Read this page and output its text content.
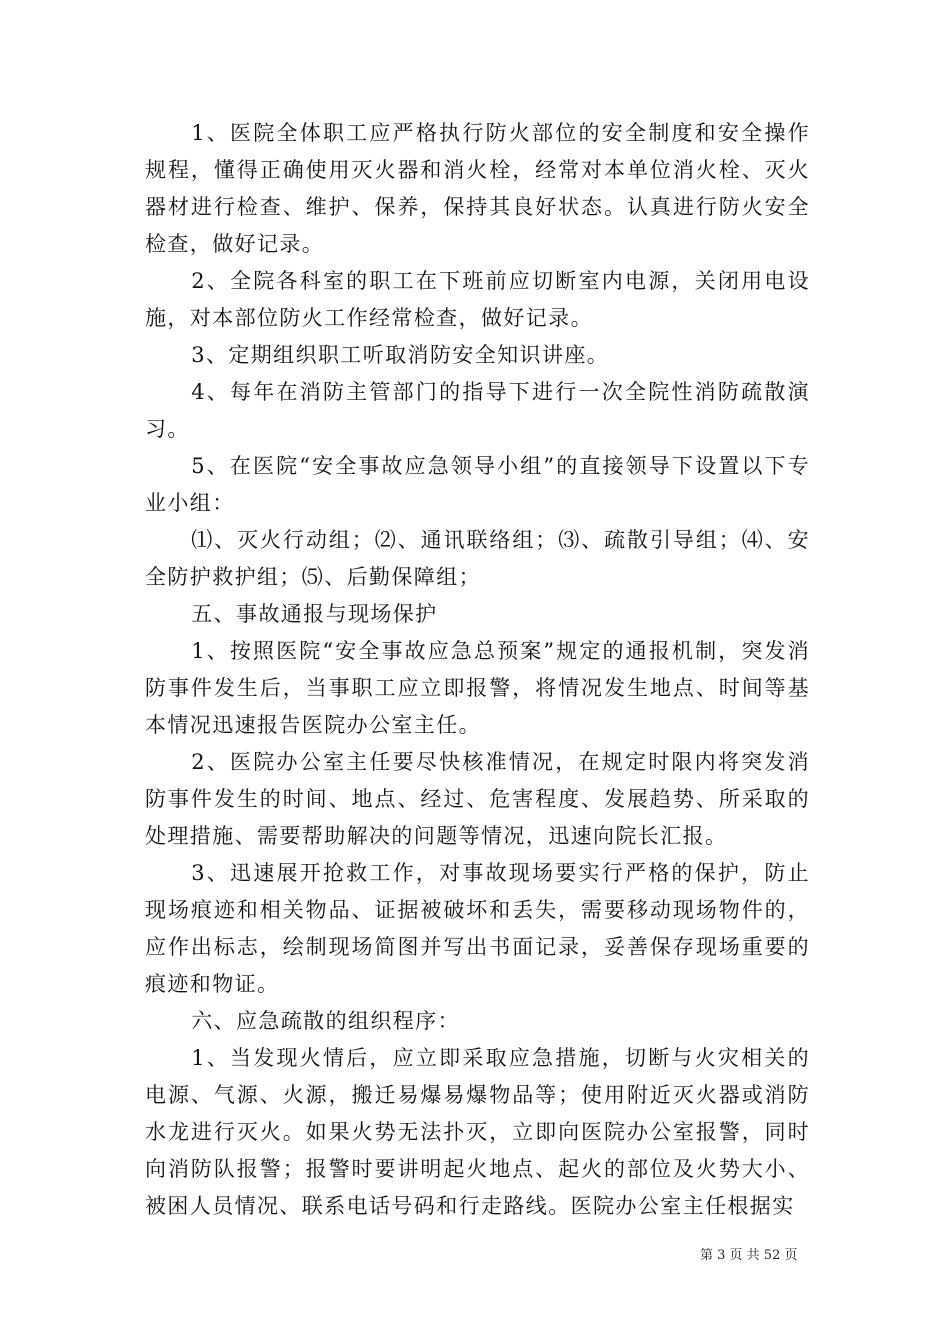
1、医院全体职工应严格执行防火部位的安全制度和安全操作规程，懂得正确使用灭火器和消火栓，经常对本单位消火栓、灭火器材进行检查、维护、保养，保持其良好状态。认真进行防火安全检查，做好记录。

2、全院各科室的职工在下班前应切断室内电源，关闭用电设施，对本部位防火工作经常检查，做好记录。

3、定期组织职工听取消防安全知识讲座。

4、每年在消防主管部门的指导下进行一次全院性消防疏散演习。

5、在医院“安全事故应急领导小组”的直接领导下设置以下专业小组：

⑴、灭火行动组；⑵、通讯联络组；⑶、疏散引导组；⑷、安全防护救护组；⑸、后勤保障组；

五、事故通报与现场保护

1、按照医院“安全事故应急总预案”规定的通报机制，突发消防事件发生后，当事职工应立即报警，将情况发生地点、时间等基本情况迅速报告医院办公室主任。

2、医院办公室主任要尽快核准情况，在规定时限内将突发消防事件发生的时间、地点、经过、危害程度、发展趋势、所采取的处理措施、需要帮助解决的问题等情况，迅速向院长汇报。

3、迅速展开抢救工作，对事故现场要实行严格的保护，防止现场痕迹和相关物品、证据被破坏和丢失，需要移动现场物件的，应作出标志，绘制现场简图并写出书面记录，妥善保存现场重要的痕迹和物证。

六、应急疏散的组织程序：

1、当发现火情后，应立即采取应急措施，切断与火灾相关的电源、气源、火源，搬迁易爆易爆物品等；使用附近灭火器或消防水龙进行灭火。如果火势无法扑灭，立即向医院办公室报警，同时向消防队报警；报警时要讲明起火地点、起火的部位及火势大小、被困人员情况、联系电话号码和行走路线。医院办公室主任根据实

第 3 页 共 52 页
